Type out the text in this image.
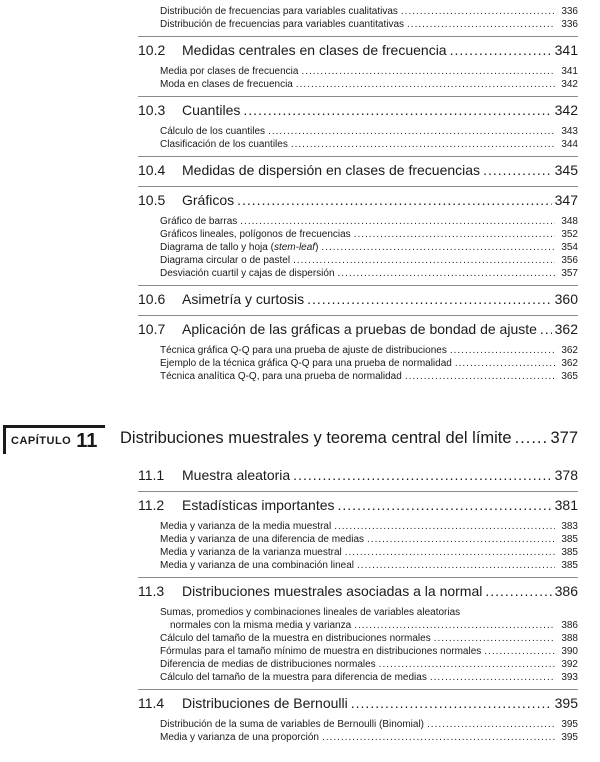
Distribución de frecuencias para variables cualitativas .....	336
Distribución de frecuencias para variables cuantitativas .....	336
10.2	Medidas centrales en clases de frecuencia .....	341
Media por clases de frecuencia .....	341
Moda en clases de frecuencia .....	342
10.3	Cuantiles .....	342
Cálculo de los cuantiles .....	343
Clasificación de los cuantiles .....	344
10.4	Medidas de dispersión en clases de frecuencias .....	345
10.5	Gráficos .....	347
Gráfico de barras .....	348
Gráficos lineales, polígonos de frecuencias .....	352
Diagrama de tallo y hoja ( stem-leaf ) .....	354
Diagrama circular o de pastel .....	356
Desviación cuartil y cajas de dispersión .....	357
10.6	Asimetría y curtosis .....	360
10.7	Aplicación de las gráficas a pruebas de bondad de ajuste ..... 362
Técnica gráfica Q-Q para una prueba de ajuste de distribuciones .....	362
Ejemplo de la técnica gráfica Q-Q para una prueba de normalidad .....	362
Técnica analítica Q-Q, para una prueba de normalidad .....	365
CAPÍTULO 11 Distribuciones muestrales y teorema central del límite ..... 377
11.1	Muestra aleatoria .....	378
11.2	Estadísticas importantes .....	381
Media y varianza de la media muestral .....	383
Media y varianza de una diferencia de medias .....	385
Media y varianza de la varianza muestral .....	385
Media y varianza de una combinación lineal .....	385
11.3	Distribuciones muestrales asociadas a la normal .....	386
Sumas, promedios y combinaciones lineales de variables aleatorias
normales con la misma media y varianza .....	386
Cálculo del tamaño de la muestra en distribuciones normales .....	388
Fórmulas para el tamaño mínimo de muestra en distribuciones normales .....	390
Diferencia de medias de distribuciones normales .....	392
Cálculo del tamaño de la muestra para diferencia de medias .....	393
11.4	Distribuciones de Bernoulli .....	395
Distribución de la suma de variables de Bernoulli (Binomial) .....	395
Media y varianza de una proporción .....	395
